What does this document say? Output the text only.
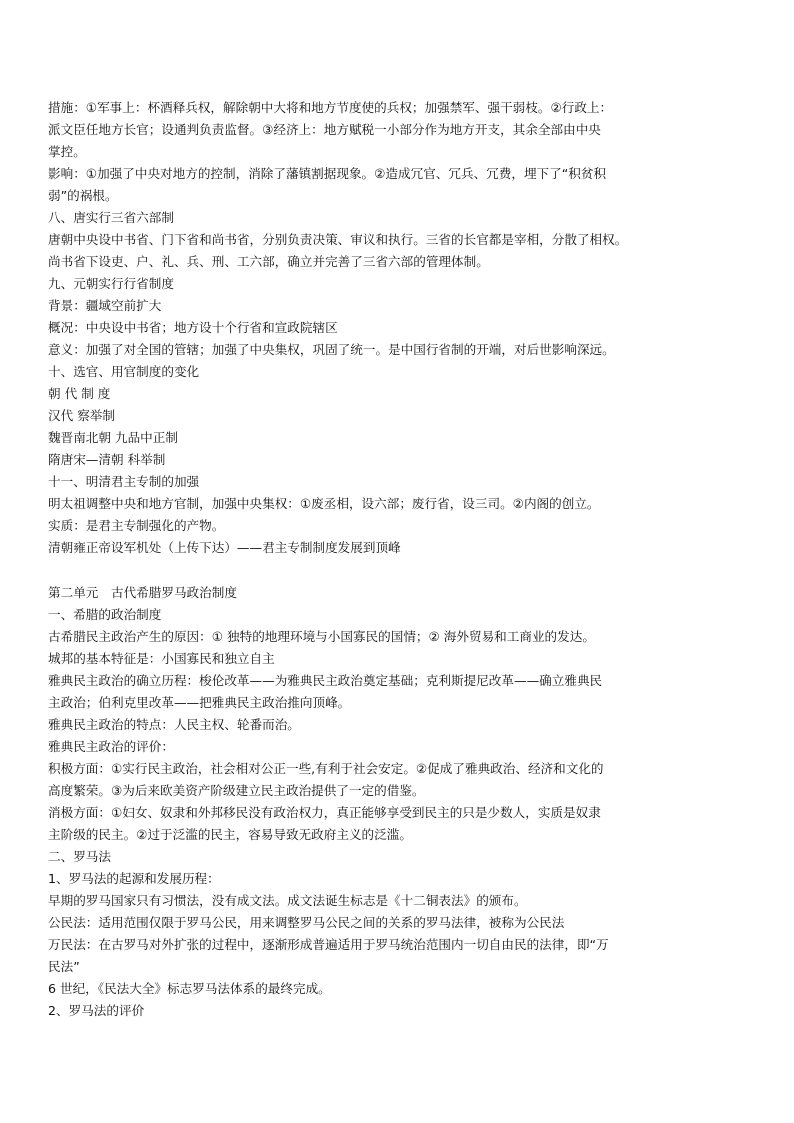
措施：①军事上：杯酒释兵权，解除朝中大将和地方节度使的兵权；加强禁军、强干弱枝。②行政上：
派文臣任地方长官；设通判负责监督。③经济上：地方赋税一小部分作为地方开支，其余全部由中央
掌控。
影响：①加强了中央对地方的控制，消除了藩镇割据现象。②造成冗官、冗兵、冗费，埋下了“积贫积
弱”的祸根。
八、唐实行三省六部制
唐朝中央设中书省、门下省和尚书省，分别负责决策、审议和执行。三省的长官都是宰相，分散了相权。
尚书省下设吏、户、礼、兵、刑、工六部，确立并完善了三省六部的管理体制。
九、元朝实行行省制度
背景：疆域空前扩大
概况：中央设中书省；地方设十个行省和宣政院辖区
意义：加强了对全国的管辖；加强了中央集权，巩固了统一。是中国行省制的开端，对后世影响深远。
十、选官、用官制度的变化
朝 代 制 度
汉代 察举制
魏晋南北朝 九品中正制
隋唐宋—清朝 科举制
十一、明清君主专制的加强
明太祖调整中央和地方官制，加强中央集权：①废丞相，设六部；废行省，设三司。②内阁的创立。
实质：是君主专制强化的产物。
清朝雍正帝设军机处（上传下达）——君主专制制度发展到顶峰
第二单元　古代希腊罗马政治制度
一、希腊的政治制度
古希腊民主政治产生的原因：① 独特的地理环境与小国寡民的国情；② 海外贸易和工商业的发达。
城邦的基本特征是：小国寡民和独立自主
雅典民主政治的确立历程：梭伦改革——为雅典民主政治奠定基础；克利斯提尼改革——确立雅典民
主政治；伯利克里改革——把雅典民主政治推向顶峰。
雅典民主政治的特点：人民主权、轮番而治。
雅典民主政治的评价：
积极方面：①实行民主政治，社会相对公正一些,有利于社会安定。②促成了雅典政治、经济和文化的
高度繁荣。③为后来欧美资产阶级建立民主政治提供了一定的借鉴。
消极方面：①妇女、奴隶和外邦移民没有政治权力，真正能够享受到民主的只是少数人，实质是奴隶
主阶级的民主。②过于泛滥的民主，容易导致无政府主义的泛滥。
二、罗马法
1、罗马法的起源和发展历程：
早期的罗马国家只有习惯法，没有成文法。成文法诞生标志是《十二铜表法》的颁布。
公民法：适用范围仅限于罗马公民，用来调整罗马公民之间的关系的罗马法律，被称为公民法
万民法：在古罗马对外扩张的过程中，逐渐形成普遍适用于罗马统治范围内一切自由民的法律，即“万
民法”
6 世纪，《民法大全》标志罗马法体系的最终完成。
2、罗马法的评价
